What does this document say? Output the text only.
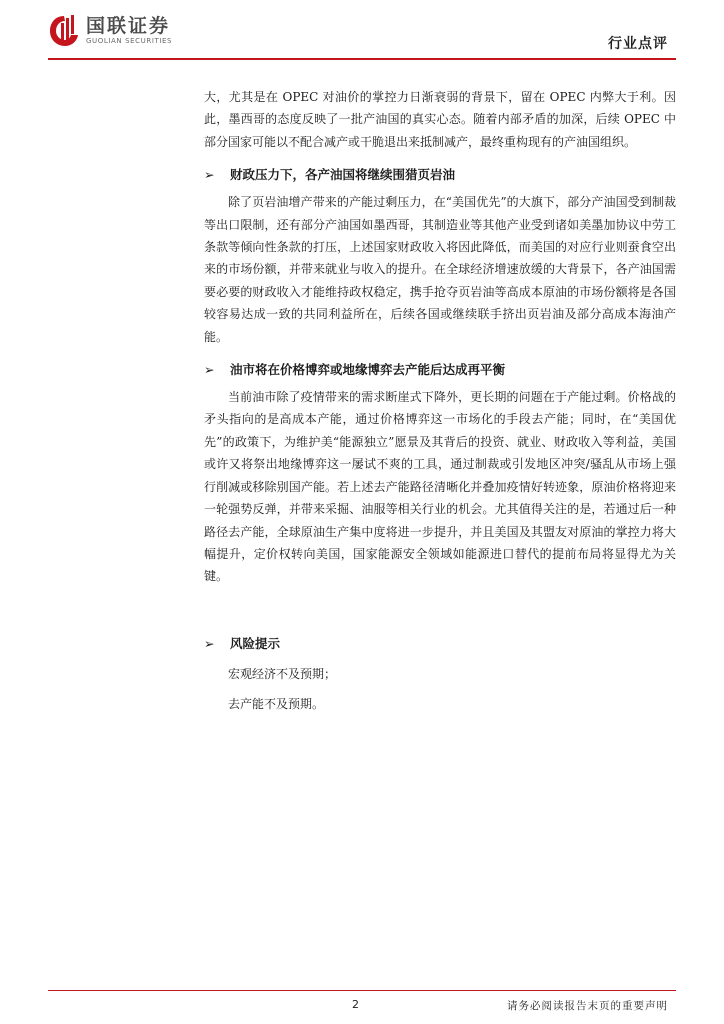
国联证券
GUOLIAN SECURITIES	行业点评

大，尤其是在 OPEC 对油价的掌控力日渐衰弱的背景下，留在 OPEC 内弊大于利。因此，墨西哥的态度反映了一批产油国的真实心态。随着内部矛盾的加深，后续 OPEC 中部分国家可能以不配合减产或干脆退出来抵制减产，最终重构现有的产油国组织。

➢ 财政压力下，各产油国将继续围猎页岩油

除了页岩油增产带来的产能过剩压力，在“美国优先”的大旗下，部分产油国受到制裁等出口限制，还有部分产油国如墨西哥，其制造业等其他产业受到诸如美墨加协议中劳工条款等倾向性条款的打压，上述国家财政收入将因此降低，而美国的对应行业则蚕食空出来的市场份额，并带来就业与收入的提升。在全球经济增速放缓的大背景下，各产油国需要必要的财政收入才能维持政权稳定，携手抢夺页岩油等高成本原油的市场份额将是各国较容易达成一致的共同利益所在，后续各国或继续联手挤出页岩油及部分高成本海油产能。

➢ 油市将在价格博弈或地缘博弈去产能后达成再平衡

当前油市除了疫情带来的需求断崖式下降外，更长期的问题在于产能过剩。价格战的矛头指向的是高成本产能，通过价格博弈这一市场化的手段去产能；同时，在“美国优先”的政策下，为维护美“能源独立”愿景及其背后的投资、就业、财政收入等利益，美国或许又将祭出地缘博弈这一屡试不爽的工具，通过制裁或引发地区冲突/骚乱从市场上强行削减或移除别国产能。若上述去产能路径清晰化并叠加疫情好转迹象，原油价格将迎来一轮强势反弹，并带来采掘、油服等相关行业的机会。尤其值得关注的是，若通过后一种路径去产能，全球原油生产集中度将进一步提升，并且美国及其盟友对原油的掌控力将大幅提升，定价权转向美国，国家能源安全领域如能源进口替代的提前布局将显得尤为关键。

➢ 风险提示
宏观经济不及预期；
去产能不及预期。
2	请务必阅读报告末页的重要声明
